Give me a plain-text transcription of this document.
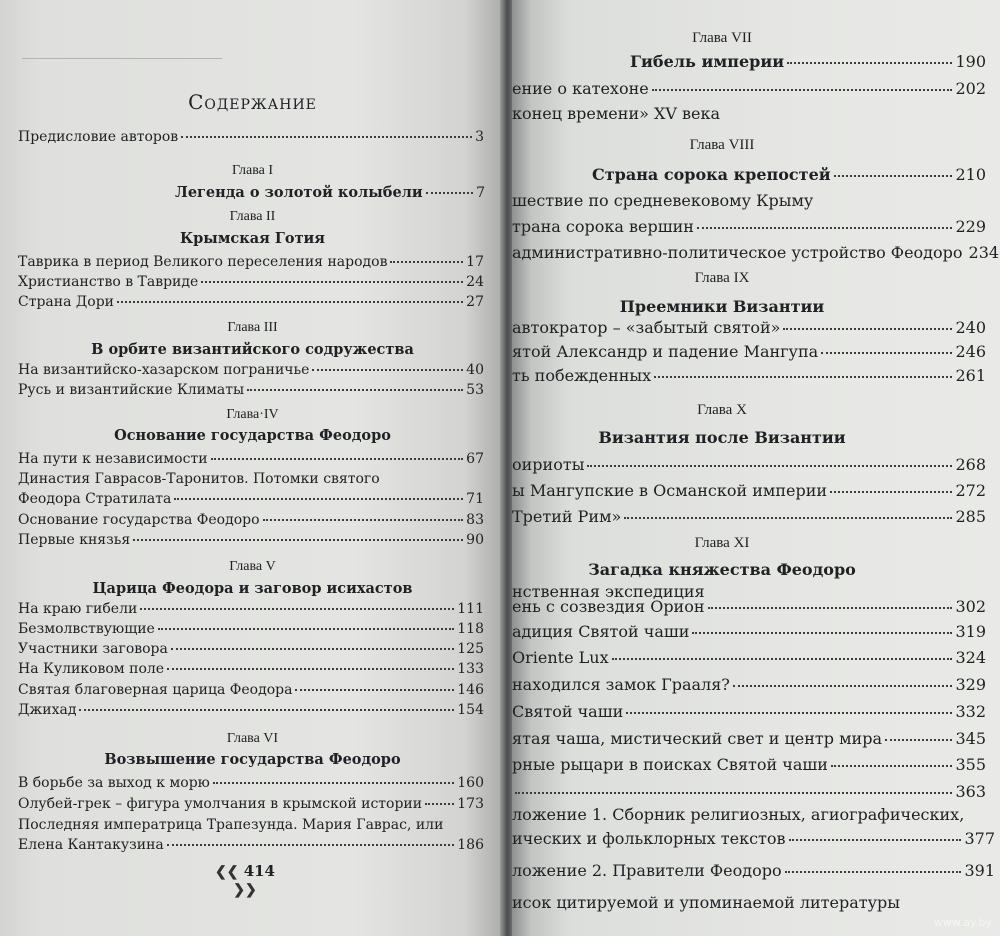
Содержание
Предисловие авторов	3
Глава I
Легенда о золотой колыбели	7
Глава II
Крымская Готия
Таврика в период Великого переселения народов	17
Христианство в Тавриде	24
Страна Дори	27
Глава III
В орбите византийского содружества
На византийско-хазарском пограничье	40
Русь и византийские Климаты	53
Глава·IV
Основание государства Феодоро
На пути к независимости	67
Династия Гаврасов-Таронитов. Потомки святого
Феодора Стратилата	71
Основание государства Феодоро	83
Первые князья	90
Глава V
Царица Феодора и заговор исихастов
На краю гибели	111
Безмолвствующие	118
Участники заговора	125
На Куликовом поле	133
Святая благоверная царица Феодора	146
Джихад	154
Глава VI
Возвышение государства Феодоро
В борьбе за выход к морю	160
Олубей-грек – фигура умолчания в крымской истории	173
Последняя императрица Трапезунда. Мария Гаврас, или
Елена Кантакузина	186
❮❮ 414 ❯❯
Глава VII
Гибель империи	190
ение о катехоне	202
конец времени» XV века
Глава VIII
Страна сорока крепостей	210
шествие по средневековому Крыму
трана сорока вершин	229
административно-политическое устройство Феодоро 234
Глава IX
Преемники Византии
автократор – «забытый святой»	240
ятой Александр и падение Мангупа	246
ть побежденных	261
Глава X
Византия после Византии
оириоты	268
ы Мангупские в Османской империи	272
Третий Рим»	285
Глава XI
Загадка княжества Феодоро
нственная экспедиция
ень с созвездия Орион	302
адиция Святой чаши	319
Oriente Lux	324
находился замок Грааля?	329
Святой чаши	332
ятая чаша, мистический свет и центр мира	345
рные рыцари в поисках Святой чаши	355
363
ложение 1. Сборник религиозных, агиографических,
ических и фольклорных текстов	377
ложение 2. Правители Феодоро	391
исок цитируемой и упоминаемой литературы
www.ay.by
